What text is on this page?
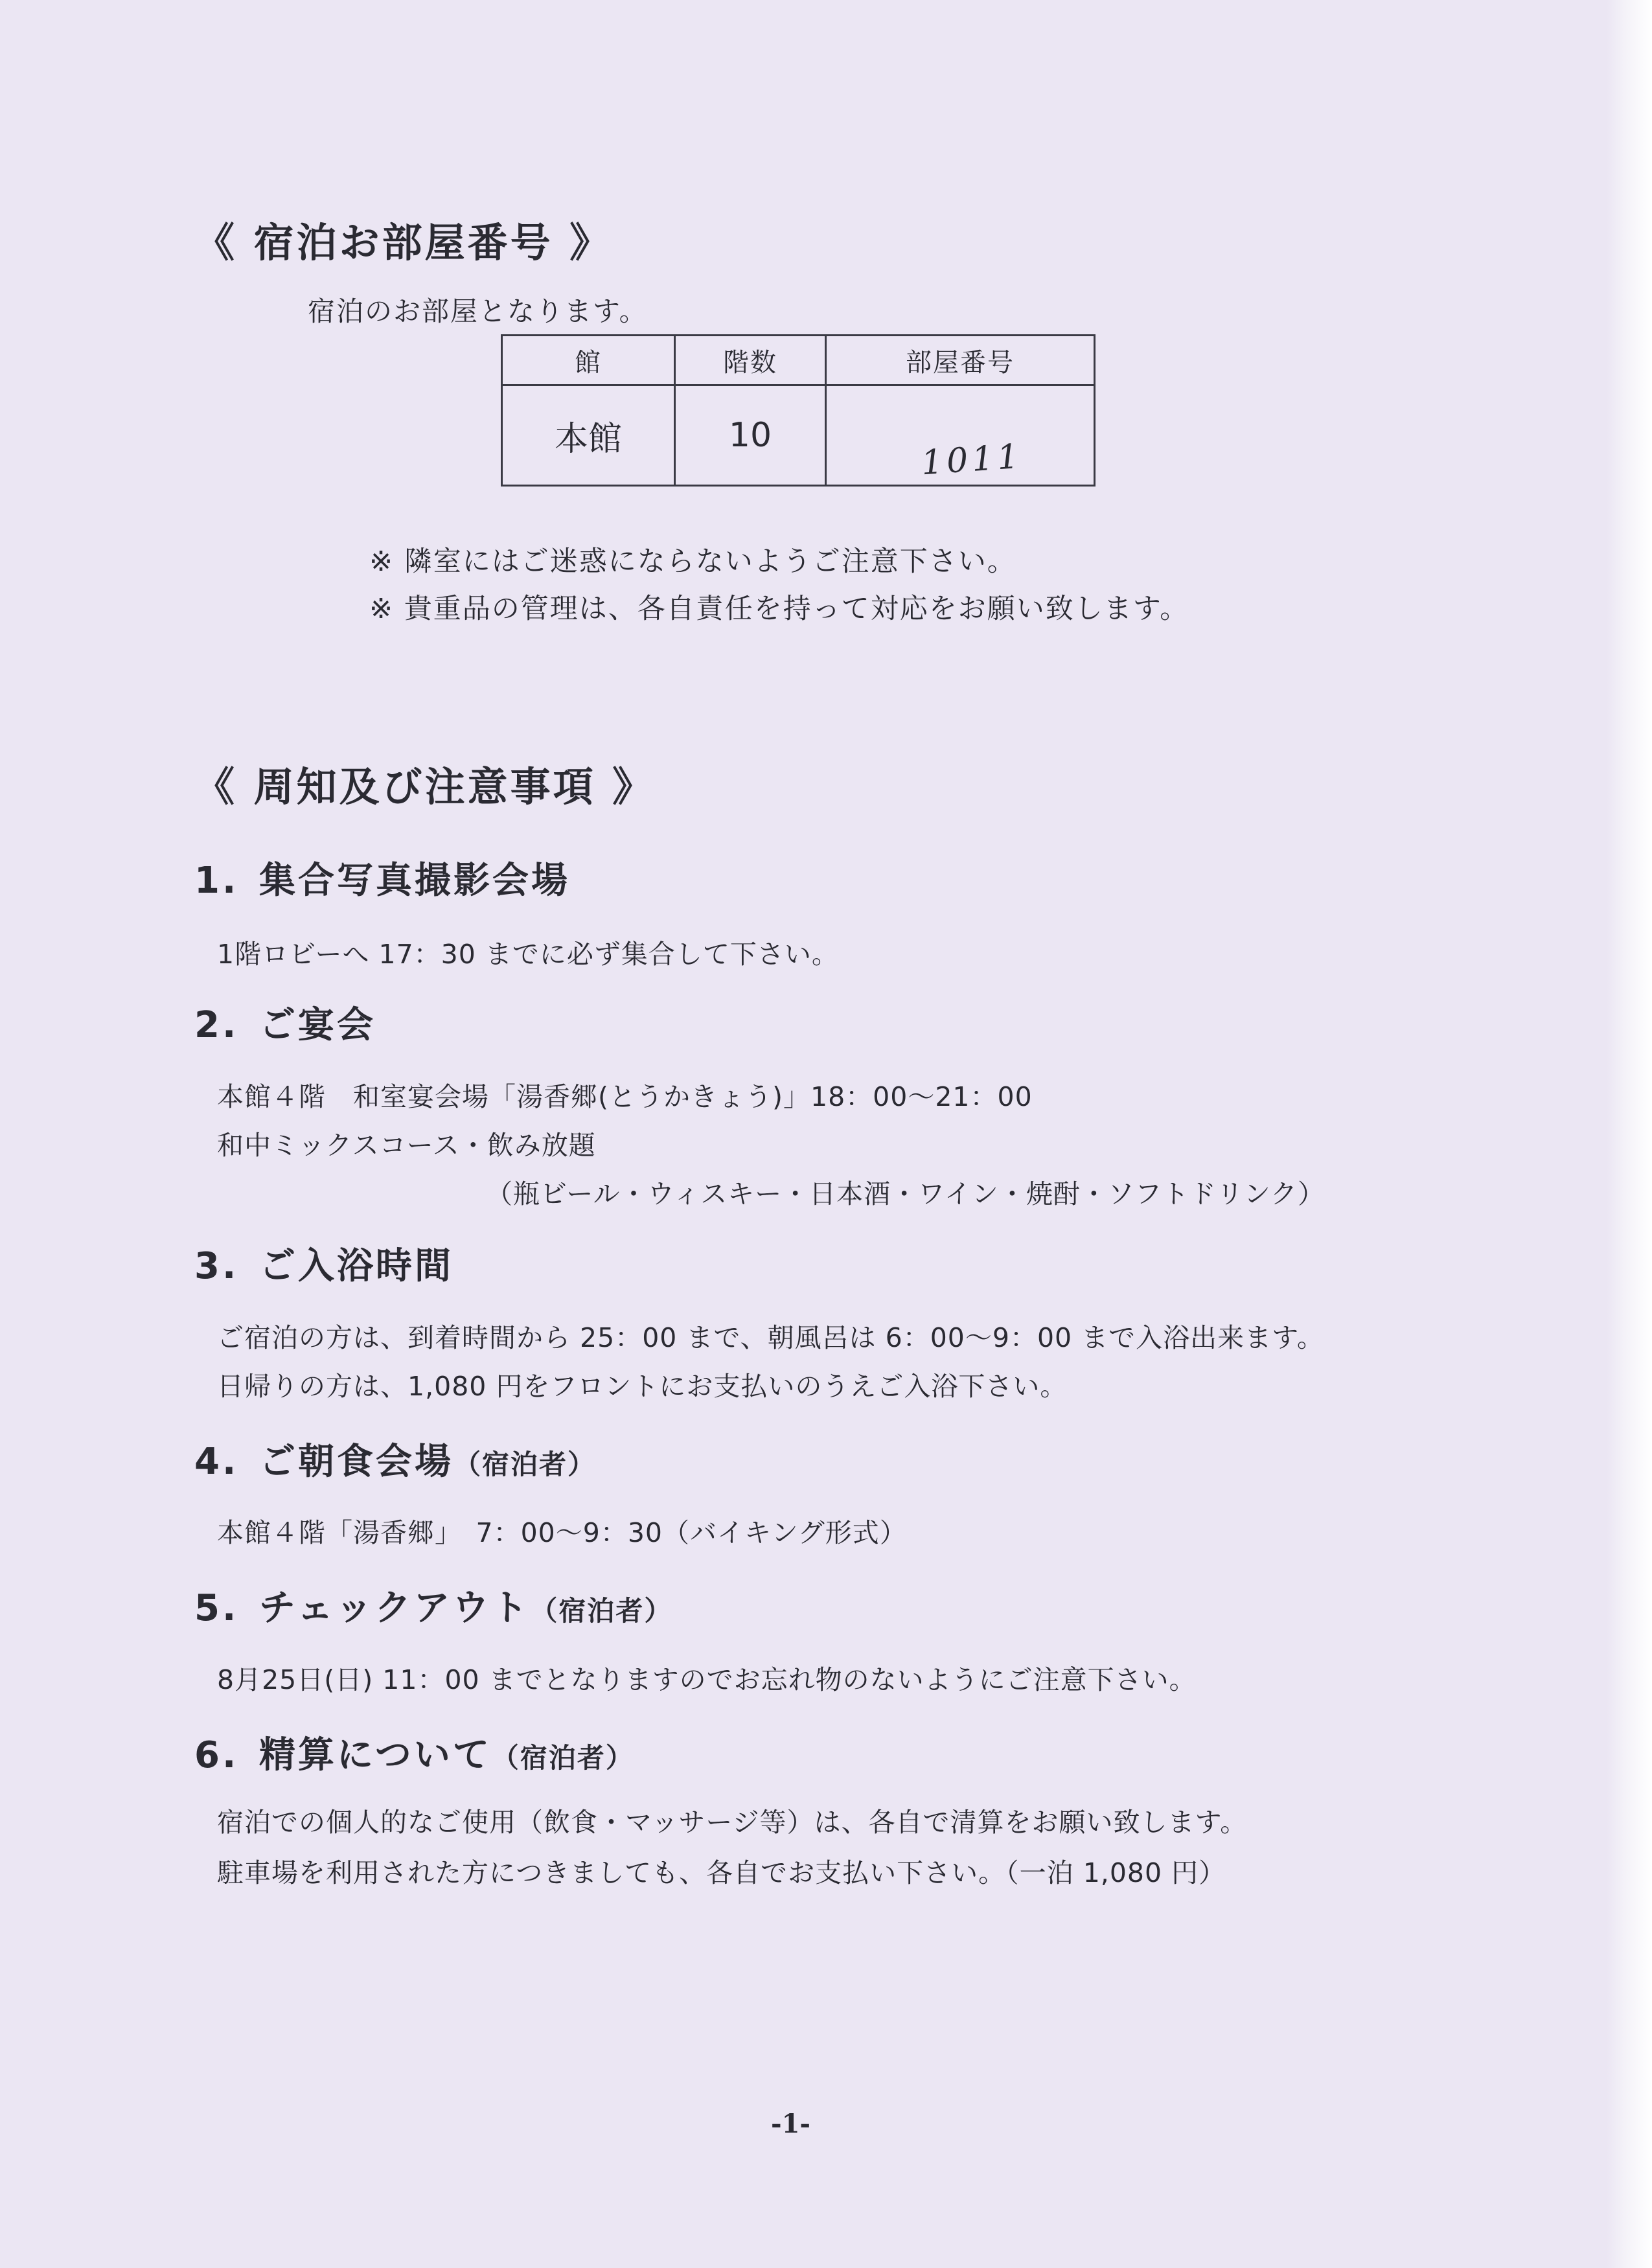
《 宿泊お部屋番号 》
宿泊のお部屋となります。
館	階数	部屋番号
本館	10	1011
※ 隣室にはご迷惑にならないようご注意下さい。
※ 貴重品の管理は、各自責任を持って対応をお願い致します。
《 周知及び注意事項 》
1. 集合写真撮影会場
1階ロビーへ 17：30 までに必ず集合して下さい。
2. ご宴会
本館４階　和室宴会場「湯香郷(とうかきょう)」18：00～21：00
和中ミックスコース・飲み放題
（瓶ビール・ウィスキー・日本酒・ワイン・焼酎・ソフトドリンク）
3. ご入浴時間
ご宿泊の方は、到着時間から 25：00 まで、朝風呂は 6：00～9：00 まで入浴出来ます。
日帰りの方は、1,080 円をフロントにお支払いのうえご入浴下さい。
4. ご朝食会場（宿泊者）
本館４階「湯香郷」　7：00～9：30（バイキング形式）
5. チェックアウト（宿泊者）
8月25日(日) 11：00 までとなりますのでお忘れ物のないようにご注意下さい。
6. 精算について（宿泊者）
宿泊での個人的なご使用（飲食・マッサージ等）は、各自で清算をお願い致します。
駐車場を利用された方につきましても、各自でお支払い下さい。（一泊 1,080 円）
-1-
